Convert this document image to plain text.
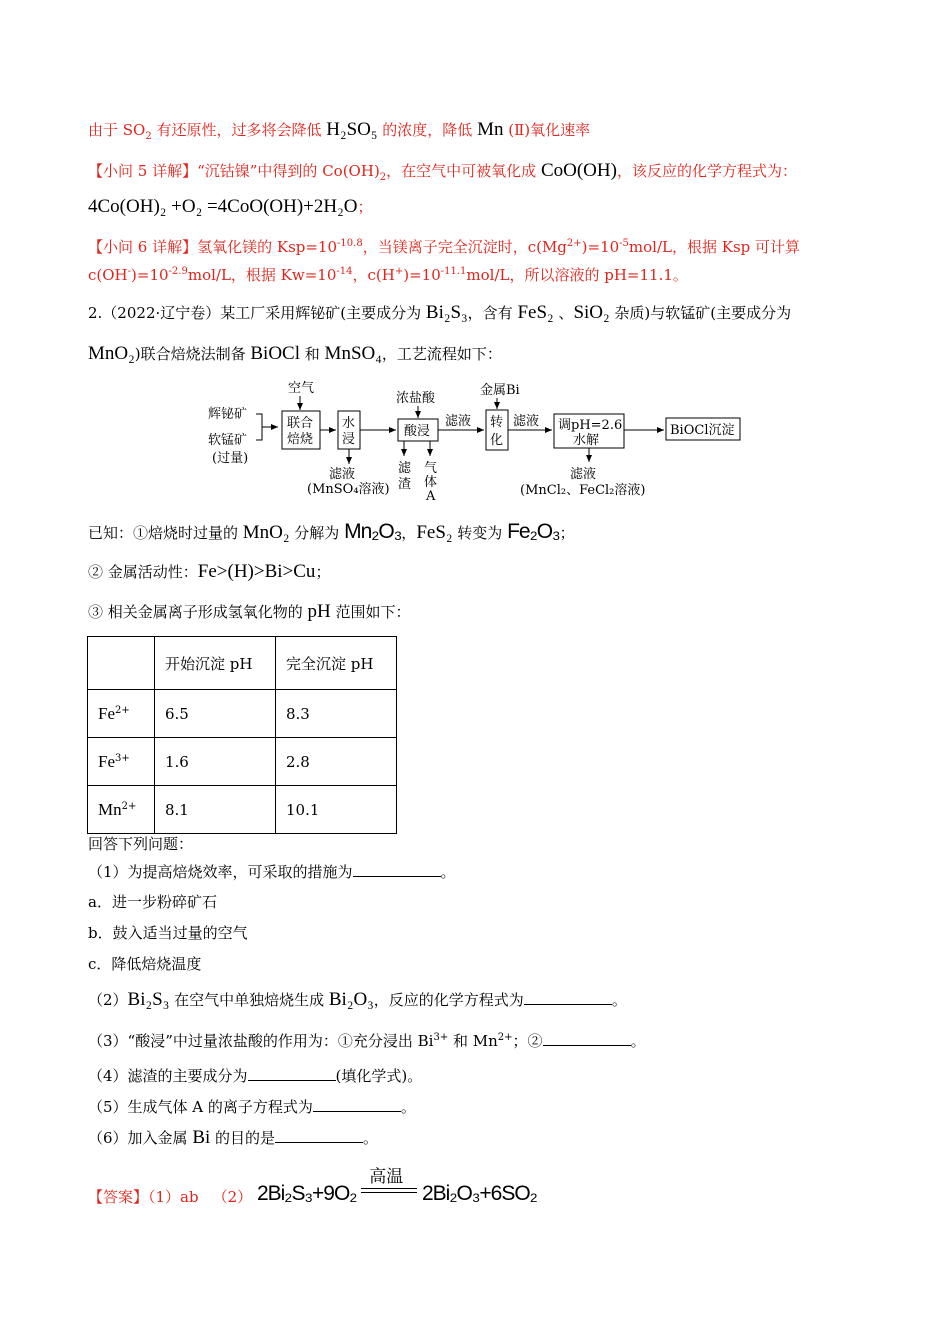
由于 $SO_2$ 有还原性，过多将会降低 H₂SO₅ 的浓度，降低 Mn (Ⅱ)氧化速率
【小问 5 详解】“沉钴镍”中得到的 $Co(OH)_2$，在空气中可被氧化成 CoO(OH)，该反应的化学方程式为：
4Co(OH)₂ +O₂ =4CoO(OH)+2H₂O；
【小问 6 详解】氢氧化镁的 $Ksp=10^{-10.8}$，当镁离子完全沉淀时，$c(Mg^{2+})=10^{-5}mol/L$，根据 Ksp 可计算
$c(OH^-)=10^{-2.9}mol/L$，根据 $Kw=10^{-14}$，$c(H^+)=10^{-11.1}mol/L$，所以溶液的 pH=11.1。
2.（2022·辽宁卷）某工厂采用辉铋矿(主要成分为 Bi₂S₃，含有 FeS₂ 、SiO₂ 杂质)与软锰矿(主要成分为
MnO₂)联合焙烧法制备 BiOCl 和 MnSO₄，工艺流程如下：
辉铋矿
软锰矿
(过量)
空气
联合
焙烧
水
浸
滤液
(MnSO₄溶液)
浓盐酸
酸浸
滤
渣
气
体
A
滤液
金属Bi
转
化
滤液 调pH=2.6
水解
滤液
(MnCl₂、FeCl₂溶液)
BiOCl沉淀
已知：①焙烧时过量的 MnO₂ 分解为 Mn₂O₃，FeS₂ 转变为 Fe₂O₃；
② 金属活动性：Fe>(H)>Bi>Cu；
③ 相关金属离子形成氢氧化物的 pH 范围如下：
	开始沉淀 pH	完全沉淀 pH
$Fe^{2+}$	6.5	8.3
$Fe^{3+}$	1.6	2.8
$Mn^{2+}$	8.1	10.1
回答下列问题：
（1）为提高焙烧效率，可采取的措施为	。
a．进一步粉碎矿石
b．鼓入适当过量的空气
c．降低焙烧温度
（2）Bi₂S₃ 在空气中单独焙烧生成 Bi₂O₃，反应的化学方程式为	。
（3）“酸浸”中过量浓盐酸的作用为：①充分浸出 $Bi^{3+}$ 和 $Mn^{2+}$；②	。
（4）滤渣的主要成分为	(填化学式)。
（5）生成气体 A 的离子方程式为	。
（6）加入金属 Bi 的目的是	。
【答案】（1）ab （2） 2Bi₂S₃+9O₂
高温
2Bi₂O₃+6SO₂
